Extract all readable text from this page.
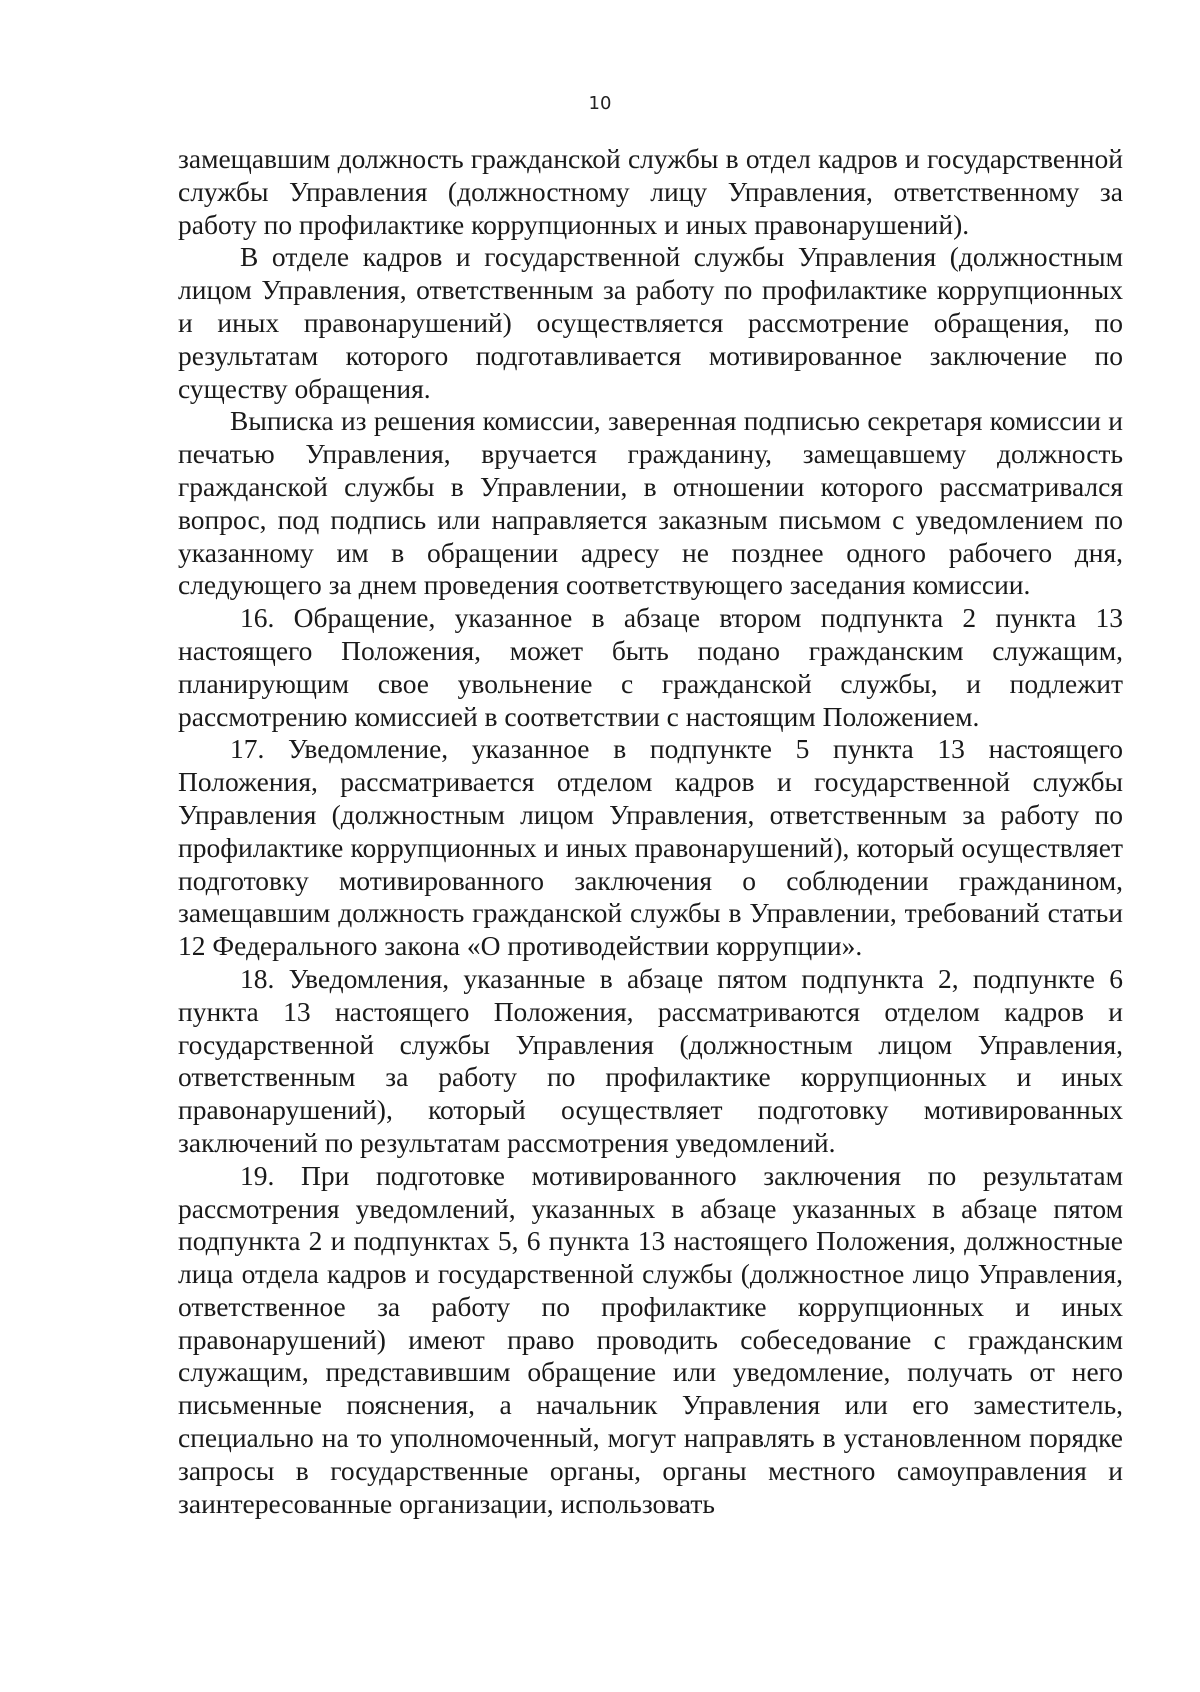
10

замещавшим должность гражданской службы в отдел кадров и государственной службы Управления (должностному лицу Управления, ответственному за работу по профилактике коррупционных и иных правонарушений).

В отделе кадров и государственной службы Управления (должностным лицом Управления, ответственным за работу по профилактике коррупционных и иных правонарушений) осуществляется рассмотрение обращения, по результатам которого подготавливается мотивированное заключение по существу обращения.

Выписка из решения комиссии, заверенная подписью секретаря комиссии и печатью Управления, вручается гражданину, замещавшему должность гражданской службы в Управлении, в отношении которого рассматривался вопрос, под подпись или направляется заказным письмом с уведомлением по указанному им в обращении адресу не позднее одного рабочего дня, следующего за днем проведения соответствующего заседания комиссии.

16. Обращение, указанное в абзаце втором подпункта 2 пункта 13 настоящего Положения, может быть подано гражданским служащим, планирующим свое увольнение с гражданской службы, и подлежит рассмотрению комиссией в соответствии с настоящим Положением.

17. Уведомление, указанное в подпункте 5 пункта 13 настоящего Положения, рассматривается отделом кадров и государственной службы Управления (должностным лицом Управления, ответственным за работу по профилактике коррупционных и иных правонарушений), который осуществляет подготовку мотивированного заключения о соблюдении гражданином, замещавшим должность гражданской службы в Управлении, требований статьи 12 Федерального закона «О противодействии коррупции».

18. Уведомления, указанные в абзаце пятом подпункта 2, подпункте 6 пункта 13 настоящего Положения, рассматриваются отделом кадров и государственной службы Управления (должностным лицом Управления, ответственным за работу по профилактике коррупционных и иных правонарушений), который осуществляет подготовку мотивированных заключений по результатам рассмотрения уведомлений.

19. При подготовке мотивированного заключения по результатам рассмотрения уведомлений, указанных в абзаце указанных в абзаце пятом подпункта 2 и подпунктах 5, 6 пункта 13 настоящего Положения, должностные лица отдела кадров и государственной службы (должностное лицо Управления, ответственное за работу по профилактике коррупционных и иных правонарушений) имеют право проводить собеседование с гражданским служащим, представившим обращение или уведомление, получать от него письменные пояснения, а начальник Управления или его заместитель, специально на то уполномоченный, могут направлять в установленном порядке запросы в государственные органы, органы местного самоуправления и заинтересованные организации, использовать
